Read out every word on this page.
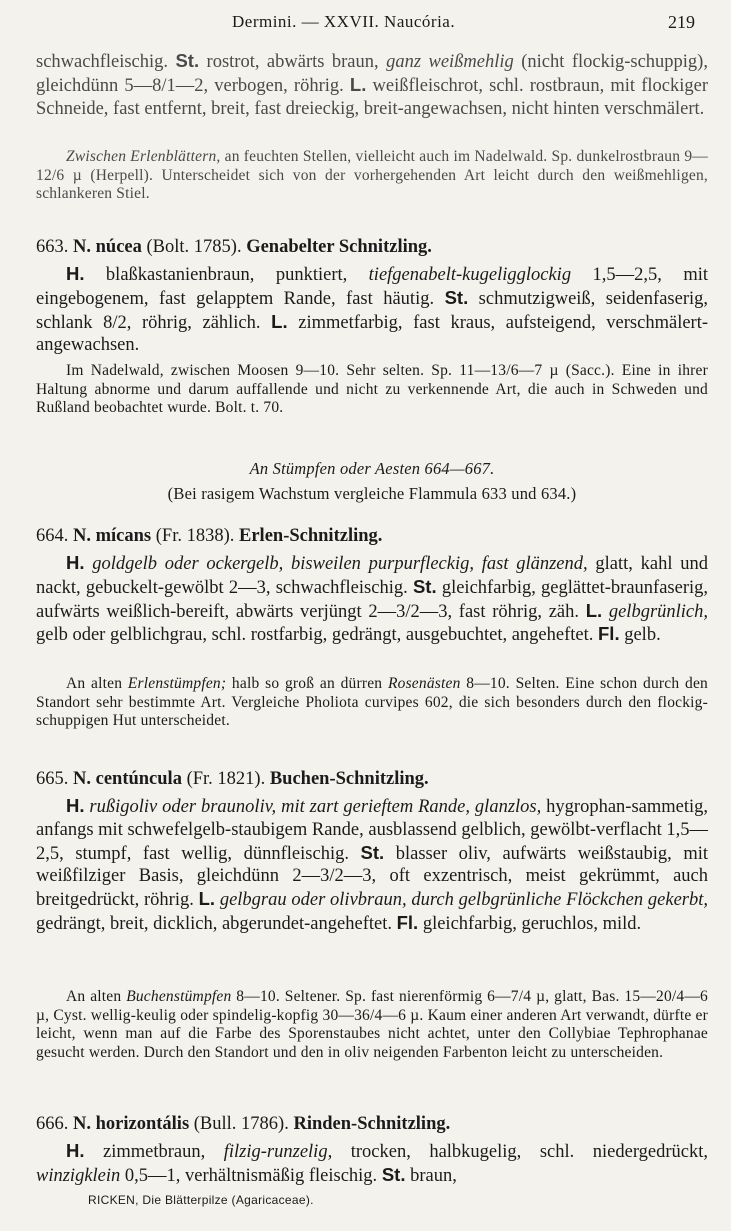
Dermini. — XXVII. Naucória.	219
schwachfleischig. St. rostrot, abwärts braun, ganz weißmehlig (nicht flockig-schuppig), gleichdünn 5—8/1—2, verbogen, röhrig. L. weißfleischrot, schl. rostbraun, mit flockiger Schneide, fast entfernt, breit, fast dreieckig, breit-angewachsen, nicht hinten verschmälert.
Zwischen Erlenblättern, an feuchten Stellen, vielleicht auch im Nadelwald. Sp. dunkelrostbraun 9—12/6 µ (Herpell). Unterscheidet sich von der vorhergehenden Art leicht durch den weißmehligen, schlankeren Stiel.
663. N. núcea (Bolt. 1785). Genabelter Schnitzling.
H. blaßkastanienbraun, punktiert, tiefgenabelt-kugeligglockig 1,5—2,5, mit eingebogenem, fast gelapptem Rande, fast häutig. St. schmutzigweiß, seidenfaserig, schlank 8/2, röhrig, zählich. L. zimmetfarbig, fast kraus, aufsteigend, verschmälert-angewachsen.
Im Nadelwald, zwischen Moosen 9—10. Sehr selten. Sp. 11—13/6—7 µ (Sacc.). Eine in ihrer Haltung abnorme und darum auffallende und nicht zu verkennende Art, die auch in Schweden und Rußland beobachtet wurde. Bolt. t. 70.
An Stümpfen oder Aesten 664—667.
(Bei rasigem Wachstum vergleiche Flammula 633 und 634.)
664. N. mícans (Fr. 1838). Erlen-Schnitzling.
H. goldgelb oder ockergelb, bisweilen purpurfleckig, fast glänzend, glatt, kahl und nackt, gebuckelt-gewölbt 2—3, schwachfleischig. St. gleichfarbig, geglättet-braunfaserig, aufwärts weißlich-bereift, abwärts verjüngt 2—3/2—3, fast röhrig, zäh. L. gelbgrünlich, gelb oder gelblichgrau, schl. rostfarbig, gedrängt, ausgebuchtet, angeheftet. Fl. gelb.
An alten Erlenstümpfen; halb so groß an dürren Rosenästen 8—10. Selten. Eine schon durch den Standort sehr bestimmte Art. Vergleiche Pholiota curvipes 602, die sich besonders durch den flockig-schuppigen Hut unterscheidet.
665. N. centúncula (Fr. 1821). Buchen-Schnitzling.
H. rußigoliv oder braunoliv, mit zart gerieftem Rande, glanzlos, hygrophan-sammetig, anfangs mit schwefelgelb-staubigem Rande, ausblassend gelblich, gewölbt-verflacht 1,5—2,5, stumpf, fast wellig, dünnfleischig. St. blasser oliv, aufwärts weißstaubig, mit weißfilziger Basis, gleichdünn 2—3/2—3, oft exzentrisch, meist gekrümmt, auch breitgedrückt, röhrig. L. gelbgrau oder olivbraun, durch gelbgrünliche Flöckchen gekerbt, gedrängt, breit, dicklich, abgerundet-angeheftet. Fl. gleichfarbig, geruchlos, mild.
An alten Buchenstümpfen 8—10. Seltener. Sp. fast nierenförmig 6—7/4 µ, glatt, Bas. 15—20/4—6 µ, Cyst. wellig-keulig oder spindelig-kopfig 30—36/4—6 µ. Kaum einer anderen Art verwandt, dürfte er leicht, wenn man auf die Farbe des Sporenstaubes nicht achtet, unter den Collybiae Tephrophanae gesucht werden. Durch den Standort und den in oliv neigenden Farbenton leicht zu unterscheiden.
666. N. horizontális (Bull. 1786). Rinden-Schnitzling.
H. zimmetbraun, filzig-runzelig, trocken, halbkugelig, schl. niedergedrückt, winzigklein 0,5—1, verhältnismäßig fleischig. St. braun,
RICKEN, Die Blätterpilze (Agaricaceae).
